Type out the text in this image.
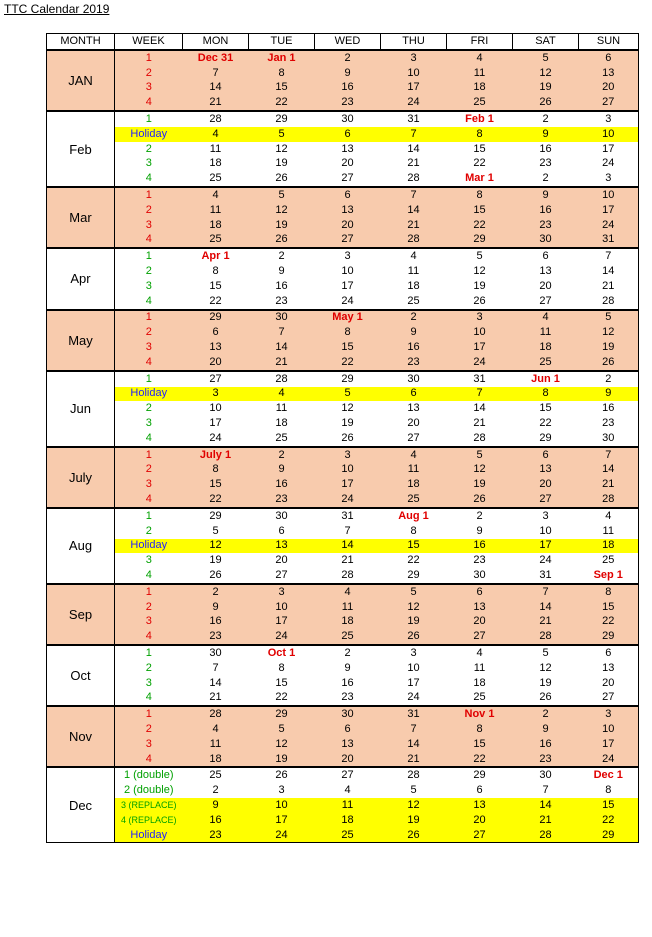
TTC Calendar 2019
MONTH	WEEK	MON	TUE	WED	THU	FRI	SAT	SUN
JAN	1	Dec 31	Jan 1	2	3	4	5	6
	2	7	8	9	10	11	12	13
	3	14	15	16	17	18	19	20
	4	21	22	23	24	25	26	27
Feb	1	28	29	30	31	Feb 1	2	3
	Holiday	4	5	6	7	8	9	10
	2	11	12	13	14	15	16	17
	3	18	19	20	21	22	23	24
	4	25	26	27	28	Mar 1	2	3
Mar	1	4	5	6	7	8	9	10
	2	11	12	13	14	15	16	17
	3	18	19	20	21	22	23	24
	4	25	26	27	28	29	30	31
Apr	1	Apr 1	2	3	4	5	6	7
	2	8	9	10	11	12	13	14
	3	15	16	17	18	19	20	21
	4	22	23	24	25	26	27	28
May	1	29	30	May 1	2	3	4	5
	2	6	7	8	9	10	11	12
	3	13	14	15	16	17	18	19
	4	20	21	22	23	24	25	26
Jun	1	27	28	29	30	31	Jun 1	2
	Holiday	3	4	5	6	7	8	9
	2	10	11	12	13	14	15	16
	3	17	18	19	20	21	22	23
	4	24	25	26	27	28	29	30
July	1	July 1	2	3	4	5	6	7
	2	8	9	10	11	12	13	14
	3	15	16	17	18	19	20	21
	4	22	23	24	25	26	27	28
Aug	1	29	30	31	Aug 1	2	3	4
	2	5	6	7	8	9	10	11
	Holiday	12	13	14	15	16	17	18
	3	19	20	21	22	23	24	25
	4	26	27	28	29	30	31	Sep 1
Sep	1	2	3	4	5	6	7	8
	2	9	10	11	12	13	14	15
	3	16	17	18	19	20	21	22
	4	23	24	25	26	27	28	29
Oct	1	30	Oct 1	2	3	4	5	6
	2	7	8	9	10	11	12	13
	3	14	15	16	17	18	19	20
	4	21	22	23	24	25	26	27
Nov	1	28	29	30	31	Nov 1	2	3
	2	4	5	6	7	8	9	10
	3	11	12	13	14	15	16	17
	4	18	19	20	21	22	23	24
Dec	1 (double)	25	26	27	28	29	30	Dec 1
	2 (double)	2	3	4	5	6	7	8
	3 (REPLACE)	9	10	11	12	13	14	15
	4 (REPLACE)	16	17	18	19	20	21	22
	Holiday	23	24	25	26	27	28	29
